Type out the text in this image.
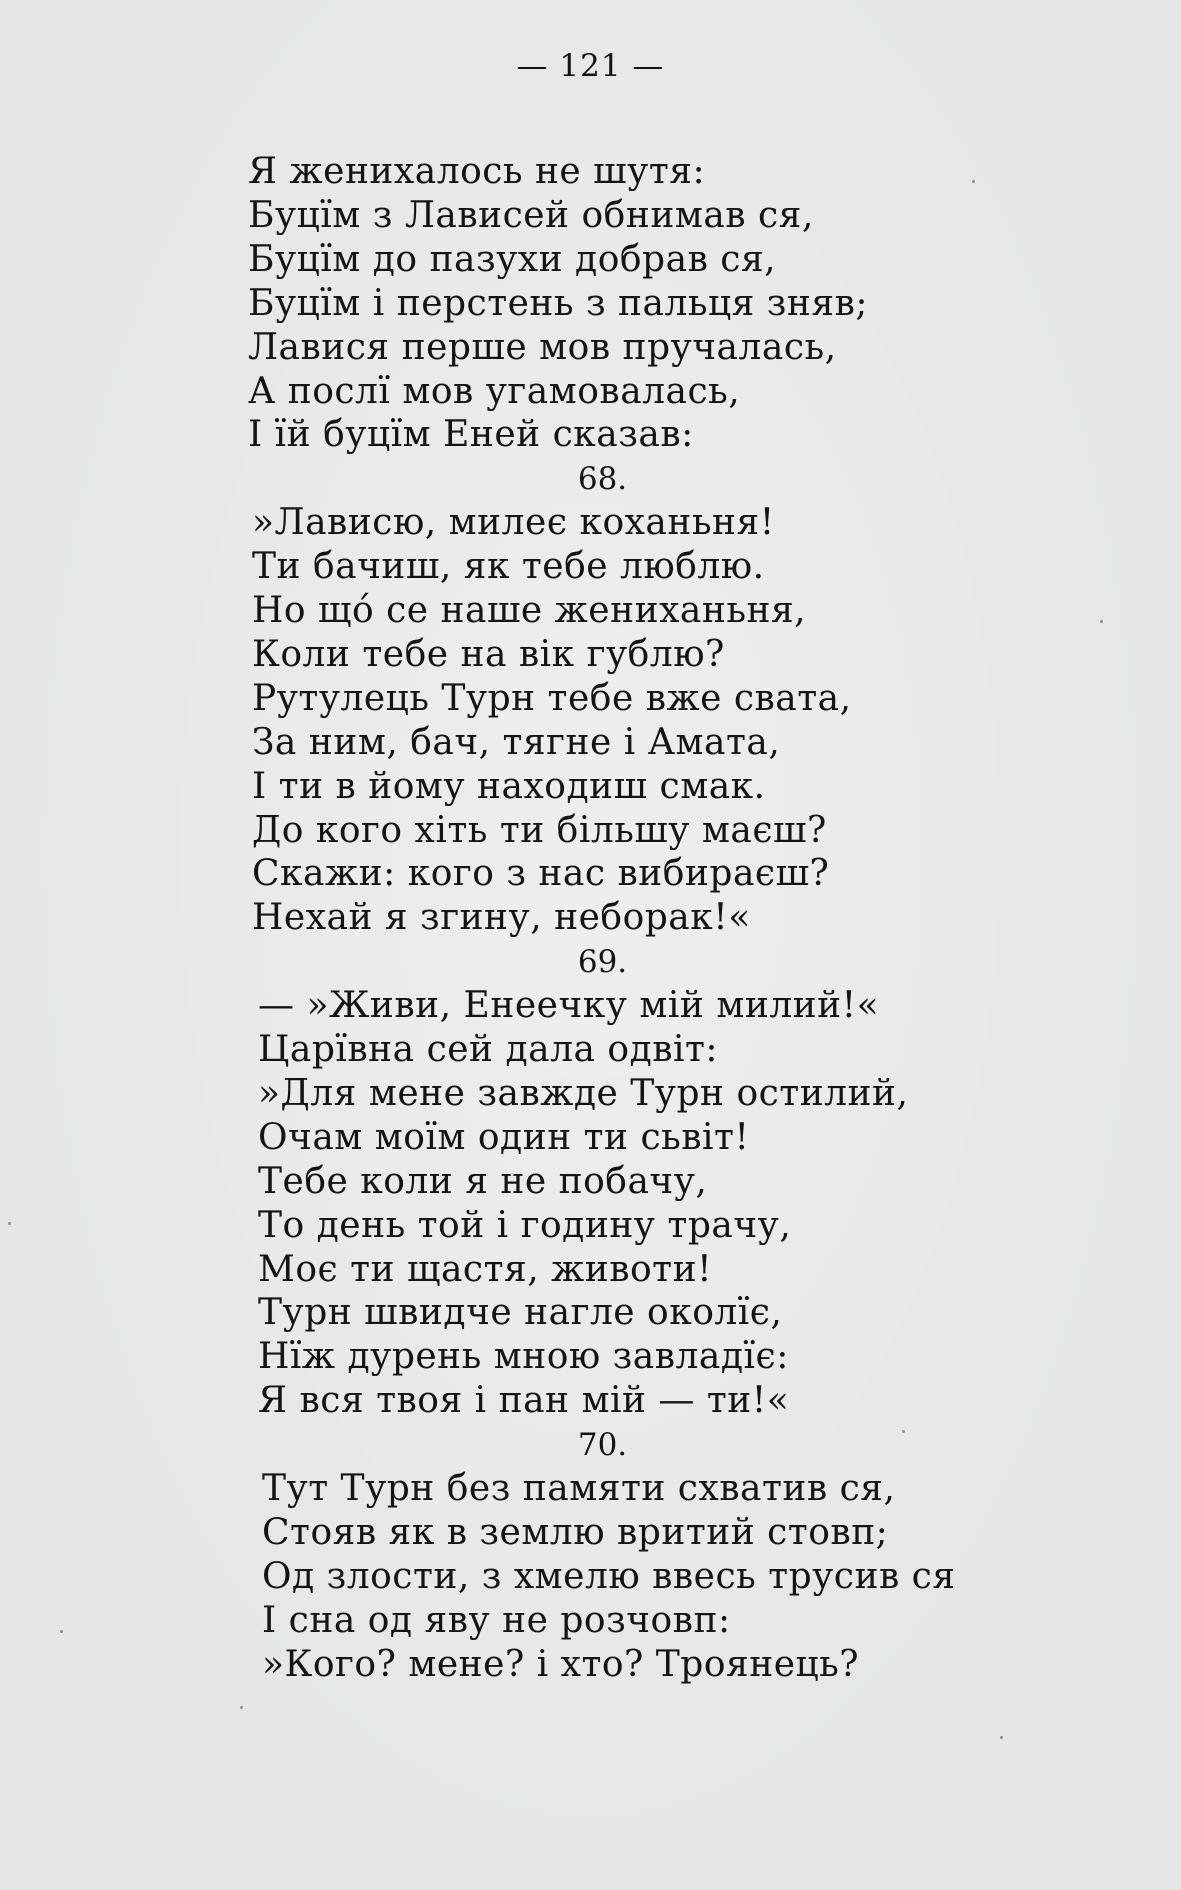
— 121 —
Я женихалось не шутя:
Буцїм з Лависей обнимав ся,
Буцїм до пазухи добрав ся,
Буцїм і перстень з пальця зняв;
Лавися перше мов пручалась,
А послї мов угамовалась,
І їй буцїм Еней сказав:
68.
»Лависю, милеє коханьня!
Ти бачиш, як тебе люблю.
Но що́ се наше жениханьня,
Коли тебе на вік гублю?
Рутулець Турн тебе вже свата,
За ним, бач, тягне і Амата,
І ти в йому находиш смак.
До кого хіть ти більшу маєш?
Скажи: кого з нас вибираєш?
Нехай я згину, неборак!«
69.
— »Живи, Енеечку мій милий!«
Царївна сей дала одвіт:
»Для мене завжде Турн остилий,
Очам моїм один ти сьвіт!
Тебе коли я не побачу,
То день той і годину трачу,
Моє ти щастя, животи!
Турн швидче нагле околїє,
Нїж дурень мною завладїє:
Я вся твоя і пан мій — ти!«
70.
Тут Турн без памяти схватив ся,
Стояв як в землю вритий стовп;
Од злости, з хмелю ввесь трусив ся
І сна од яву не розчовп:
»Кого? мене? і хто? Троянець?
